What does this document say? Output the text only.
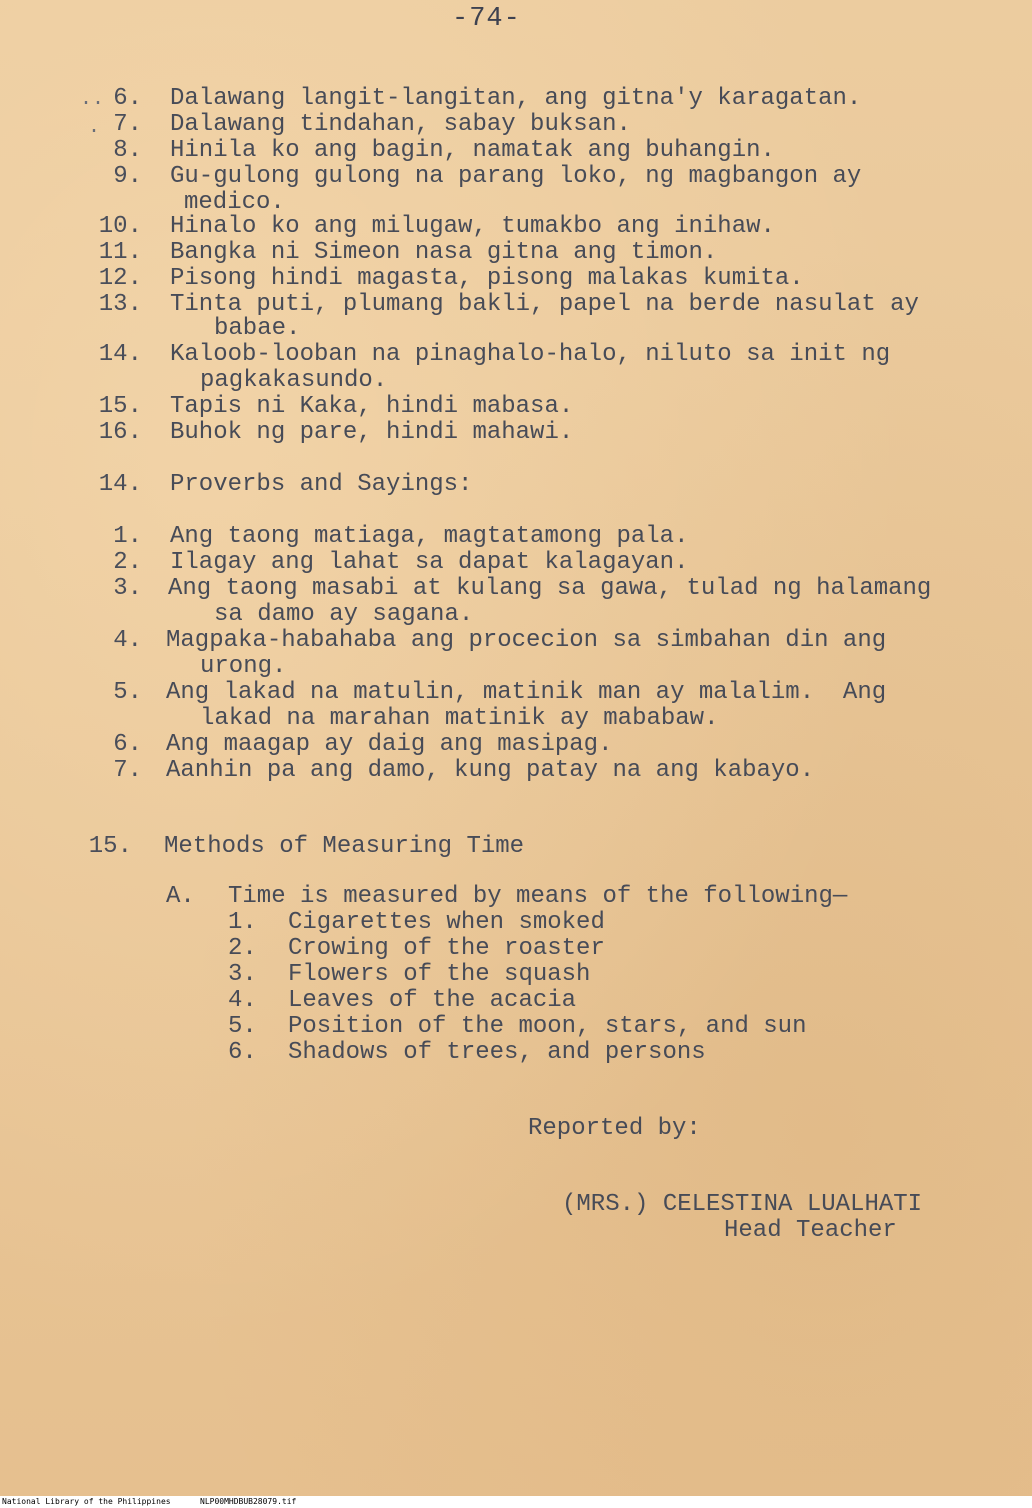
-74-
..
.
6. Dalawang langit-langitan, ang gitna'y karagatan.
7. Dalawang tindahan, sabay buksan.
8. Hinila ko ang bagin, namatak ang buhangin.
9. Gu-gulong gulong na parang loko, ng magbangon ay
medico.
10. Hinalo ko ang milugaw, tumakbo ang inihaw.
11. Bangka ni Simeon nasa gitna ang timon.
12. Pisong hindi magasta, pisong malakas kumita.
13. Tinta puti, plumang bakli, papel na berde nasulat ay
babae.
14. Kaloob-looban na pinaghalo-halo, niluto sa init ng
pagkakasundo.
15. Tapis ni Kaka, hindi mabasa.
16. Buhok ng pare, hindi mahawi.
14. Proverbs and Sayings:
1. Ang taong matiaga, magtatamong pala.
2. Ilagay ang lahat sa dapat kalagayan.
3. Ang taong masabi at kulang sa gawa, tulad ng halamang
sa damo ay sagana.
4. Magpaka-habahaba ang procecion sa simbahan din ang
urong.
5. Ang lakad na matulin, matinik man ay malalim.  Ang
lakad na marahan matinik ay mababaw.
6. Ang maagap ay daig ang masipag.
7. Aanhin pa ang damo, kung patay na ang kabayo.
15. Methods of Measuring Time
A. Time is measured by means of the following—
1. Cigarettes when smoked
2. Crowing of the roaster
3. Flowers of the squash
4. Leaves of the acacia
5. Position of the moon, stars, and sun
6. Shadows of trees, and persons
Reported by:
(MRS.) CELESTINA LUALHATI
Head Teacher
National Library of the Philippines	NLP00MHDBUB28079.tif
